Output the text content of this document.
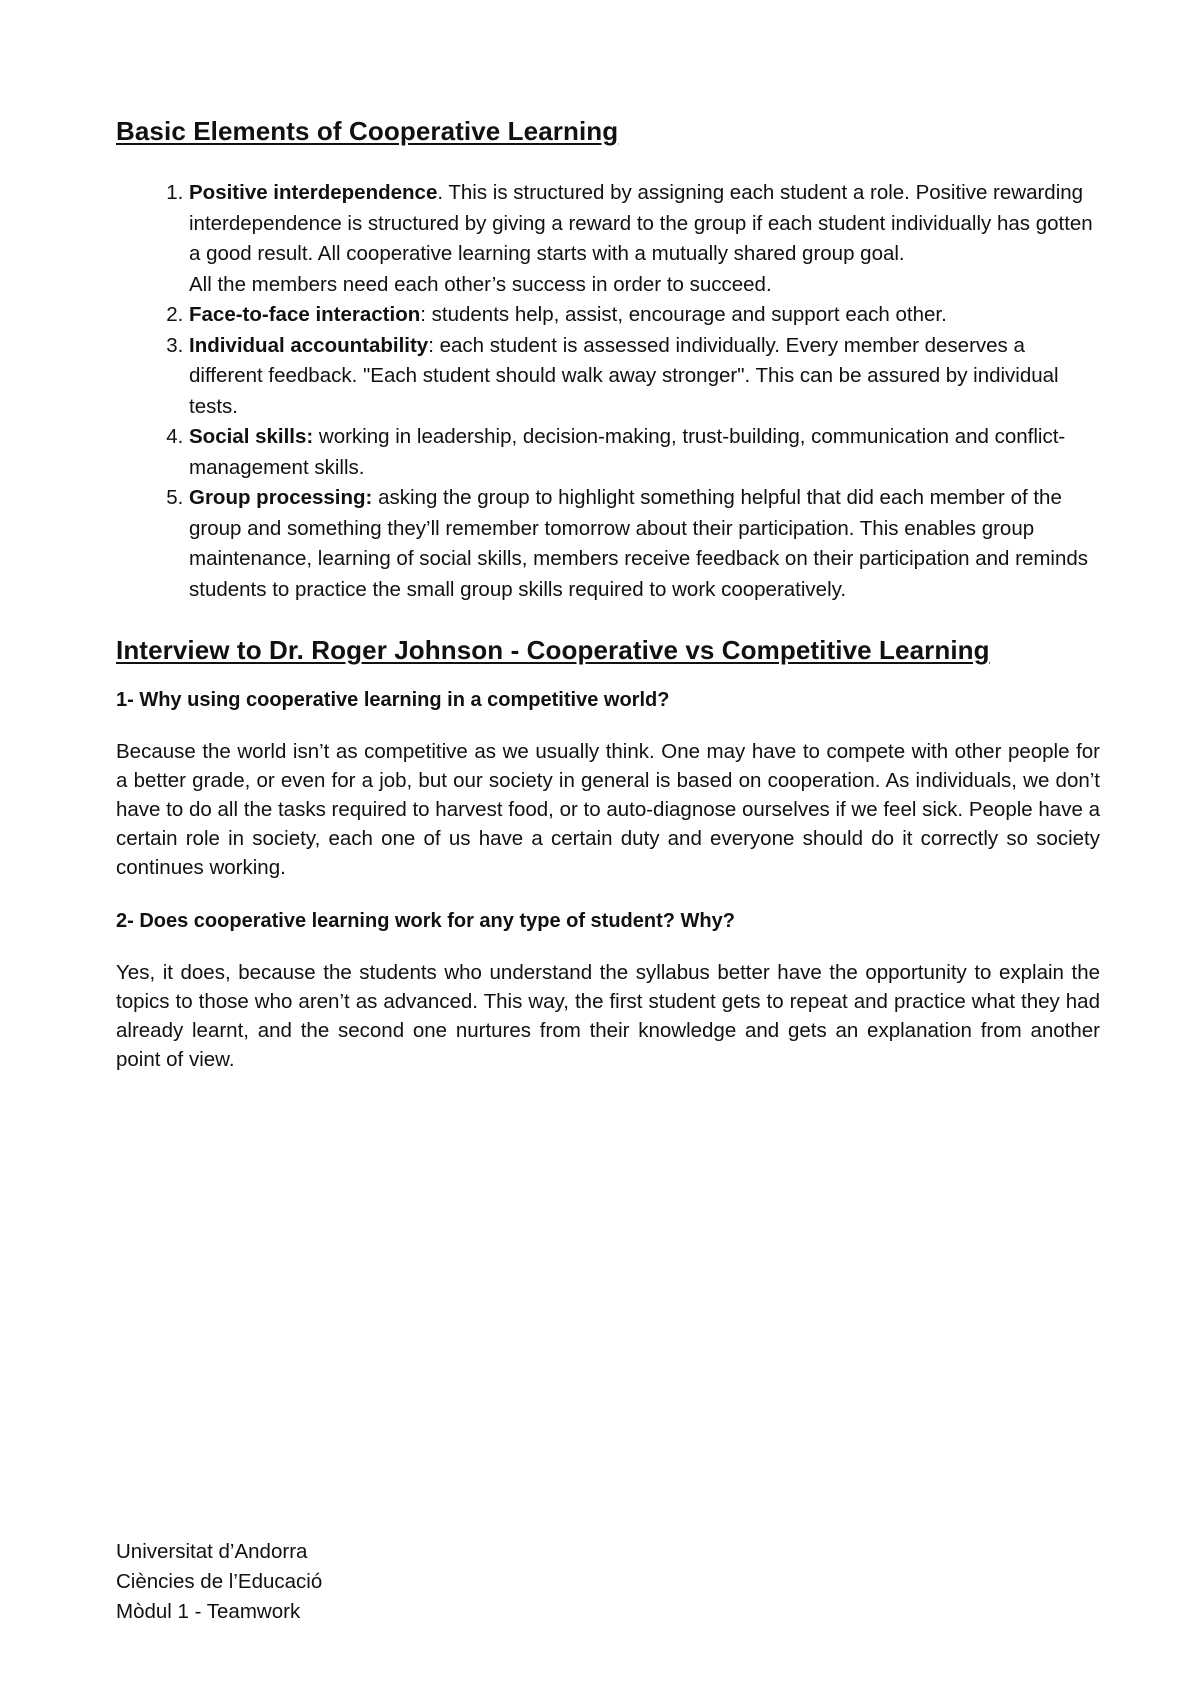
Basic Elements of Cooperative Learning
1. Positive interdependence. This is structured by assigning each student a role. Positive rewarding interdependence is structured by giving a reward to the group if each student individually has gotten a good result. All cooperative learning starts with a mutually shared group goal.
All the members need each other’s success in order to succeed.
2. Face-to-face interaction: students help, assist, encourage and support each other.
3. Individual accountability: each student is assessed individually. Every member deserves a different feedback. "Each student should walk away stronger". This can be assured by individual tests.
4. Social skills: working in leadership, decision-making, trust-building, communication and conflict-management skills.
5. Group processing: asking the group to highlight something helpful that did each member of the group and something they’ll remember tomorrow about their participation. This enables group maintenance, learning of social skills, members receive feedback on their participation and reminds students to practice the small group skills required to work cooperatively.
Interview to Dr. Roger Johnson - Cooperative vs Competitive Learning

1- Why using cooperative learning in a competitive world?

Because the world isn’t as competitive as we usually think. One may have to compete with other people for a better grade, or even for a job, but our society in general is based on cooperation. As individuals, we don’t have to do all the tasks required to harvest food, or to auto-diagnose ourselves if we feel sick. People have a certain role in society, each one of us have a certain duty and everyone should do it correctly so society continues working.

2- Does cooperative learning work for any type of student? Why?

Yes, it does, because the students who understand the syllabus better have the opportunity to explain the topics to those who aren’t as advanced. This way, the first student gets to repeat and practice what they had already learnt, and the second one nurtures from their knowledge and gets an explanation from another point of view.

Universitat d’Andorra
Ciències de l’Educació
Mòdul 1 - Teamwork
